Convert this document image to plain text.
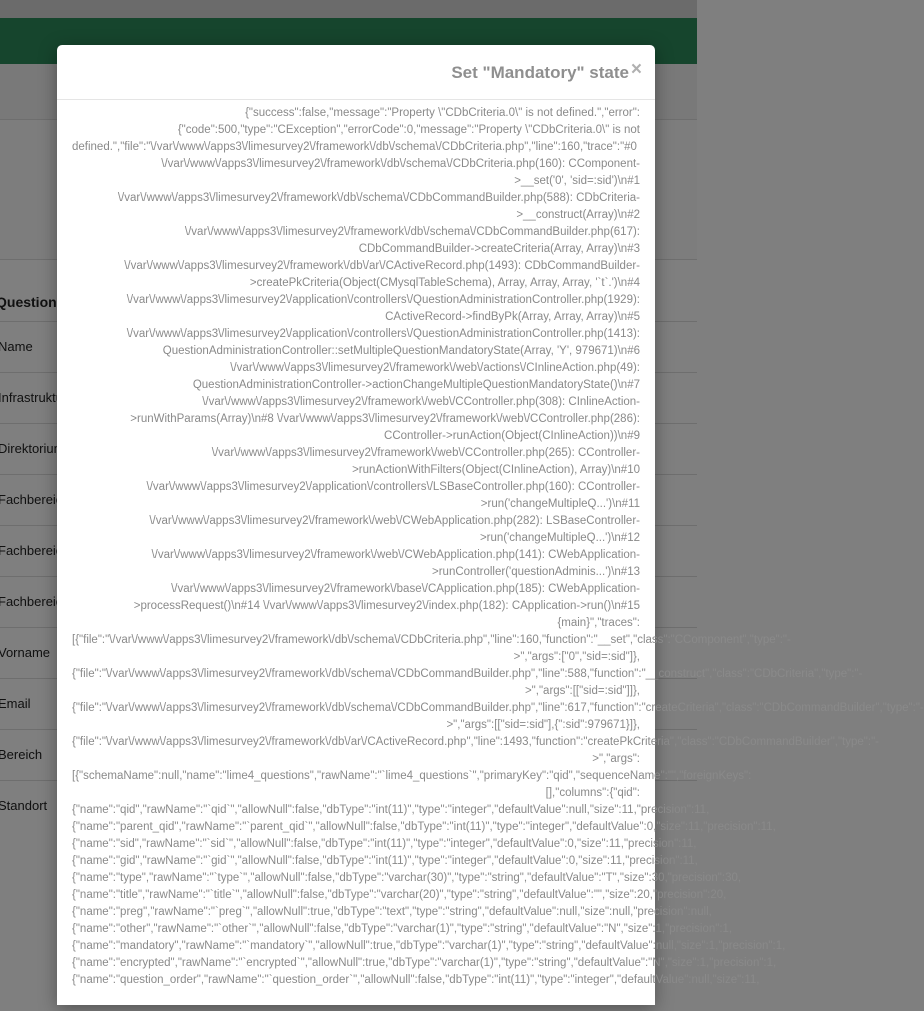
Set "Mandatory" state ×
{"success":false,"message":"Property \"CDbCriteria.0\" is not defined.","error":
{"code":500,"type":"CException","errorCode":0,"message":"Property \"CDbCriteria.0\" is not
defined.","file":"\/var\/www\/apps3\/limesurvey2\/framework\/db\/schema\/CDbCriteria.php","line":160,"trace":"#0
\/var\/www\/apps3\/limesurvey2\/framework\/db\/schema\/CDbCriteria.php(160): CComponent-
>__set('0', 'sid=:sid')\n#1
\/var\/www\/apps3\/limesurvey2\/framework\/db\/schema\/CDbCommandBuilder.php(588): CDbCriteria-
>__construct(Array)\n#2
\/var\/www\/apps3\/limesurvey2\/framework\/db\/schema\/CDbCommandBuilder.php(617):
CDbCommandBuilder->createCriteria(Array, Array)\n#3
\/var\/www\/apps3\/limesurvey2\/framework\/db\/ar\/CActiveRecord.php(1493): CDbCommandBuilder-
>createPkCriteria(Object(CMysqlTableSchema), Array, Array, Array, '`t`.')\n#4
\/var\/www\/apps3\/limesurvey2\/application\/controllers\/QuestionAdministrationController.php(1929):
CActiveRecord->findByPk(Array, Array, Array)\n#5
\/var\/www\/apps3\/limesurvey2\/application\/controllers\/QuestionAdministrationController.php(1413):
QuestionAdministrationController::setMultipleQuestionMandatoryState(Array, 'Y', 979671)\n#6
\/var\/www\/apps3\/limesurvey2\/framework\/web\/actions\/CInlineAction.php(49):
QuestionAdministrationController->actionChangeMultipleQuestionMandatoryState()\n#7
\/var\/www\/apps3\/limesurvey2\/framework\/web\/CController.php(308): CInlineAction-
>runWithParams(Array)\n#8 \/var\/www\/apps3\/limesurvey2\/framework\/web\/CController.php(286):
CController->runAction(Object(CInlineAction))\n#9
\/var\/www\/apps3\/limesurvey2\/framework\/web\/CController.php(265): CController-
>runActionWithFilters(Object(CInlineAction), Array)\n#10
\/var\/www\/apps3\/limesurvey2\/application\/controllers\/LSBaseController.php(160): CController-
>run('changeMultipleQ...')\n#11
\/var\/www\/apps3\/limesurvey2\/framework\/web\/CWebApplication.php(282): LSBaseController-
>run('changeMultipleQ...')\n#12
\/var\/www\/apps3\/limesurvey2\/framework\/web\/CWebApplication.php(141): CWebApplication-
>runController('questionAdminis...')\n#13
\/var\/www\/apps3\/limesurvey2\/framework\/base\/CApplication.php(185): CWebApplication-
>processRequest()\n#14 \/var\/www\/apps3\/limesurvey2\/index.php(182): CApplication->run()\n#15
{main}","traces":
[{"file":"\/var\/www\/apps3\/limesurvey2\/framework\/db\/schema\/CDbCriteria.php","line":160,"function":"__set","class":"CComponent","type":"-
>","args":["0","sid=:sid"]},
{"file":"\/var\/www\/apps3\/limesurvey2\/framework\/db\/schema\/CDbCommandBuilder.php","line":588,"function":"__construct","class":"CDbCriteria","type":"-
>","args":[["sid=:sid"]]},
{"file":"\/var\/www\/apps3\/limesurvey2\/framework\/db\/schema\/CDbCommandBuilder.php","line":617,"function":"createCriteria","class":"CDbCommandBuilder","type":"-
>","args":[["sid=:sid"],{":sid":979671}]},
{"file":"\/var\/www\/apps3\/limesurvey2\/framework\/db\/ar\/CActiveRecord.php","line":1493,"function":"createPkCriteria","class":"CDbCommandBuilder","type":"-
>","args":
[{"schemaName":null,"name":"lime4_questions","rawName":"`lime4_questions`","primaryKey":"qid","sequenceName":"","foreignKeys":
[],"columns":{"qid":
{"name":"qid","rawName":"`qid`","allowNull":false,"dbType":"int(11)","type":"integer","defaultValue":null,"size":11,"precision":11,
{"name":"parent_qid","rawName":"`parent_qid`","allowNull":false,"dbType":"int(11)","type":"integer","defaultValue":0,"size":11,"precision":11,
{"name":"sid","rawName":"`sid`","allowNull":false,"dbType":"int(11)","type":"integer","defaultValue":0,"size":11,"precision":11,
{"name":"gid","rawName":"`gid`","allowNull":false,"dbType":"int(11)","type":"integer","defaultValue":0,"size":11,"precision":11,
{"name":"type","rawName":"`type`","allowNull":false,"dbType":"varchar(30)","type":"string","defaultValue":"T","size":30,"precision":30,
{"name":"title","rawName":"`title`","allowNull":false,"dbType":"varchar(20)","type":"string","defaultValue":"","size":20,"precision":20,
{"name":"preg","rawName":"`preg`","allowNull":true,"dbType":"text","type":"string","defaultValue":null,"size":null,"precision":null,
{"name":"other","rawName":"`other`","allowNull":false,"dbType":"varchar(1)","type":"string","defaultValue":"N","size":1,"precision":1,
{"name":"mandatory","rawName":"`mandatory`","allowNull":true,"dbType":"varchar(1)","type":"string","defaultValue":null,"size":1,"precision":1,
{"name":"encrypted","rawName":"`encrypted`","allowNull":true,"dbType":"varchar(1)","type":"string","defaultValue":"N","size":1,"precision":1,
{"name":"question_order","rawName":"`question_order`","allowNull":false,"dbType":"int(11)","type":"integer","defaultValue":null,"size":11,
